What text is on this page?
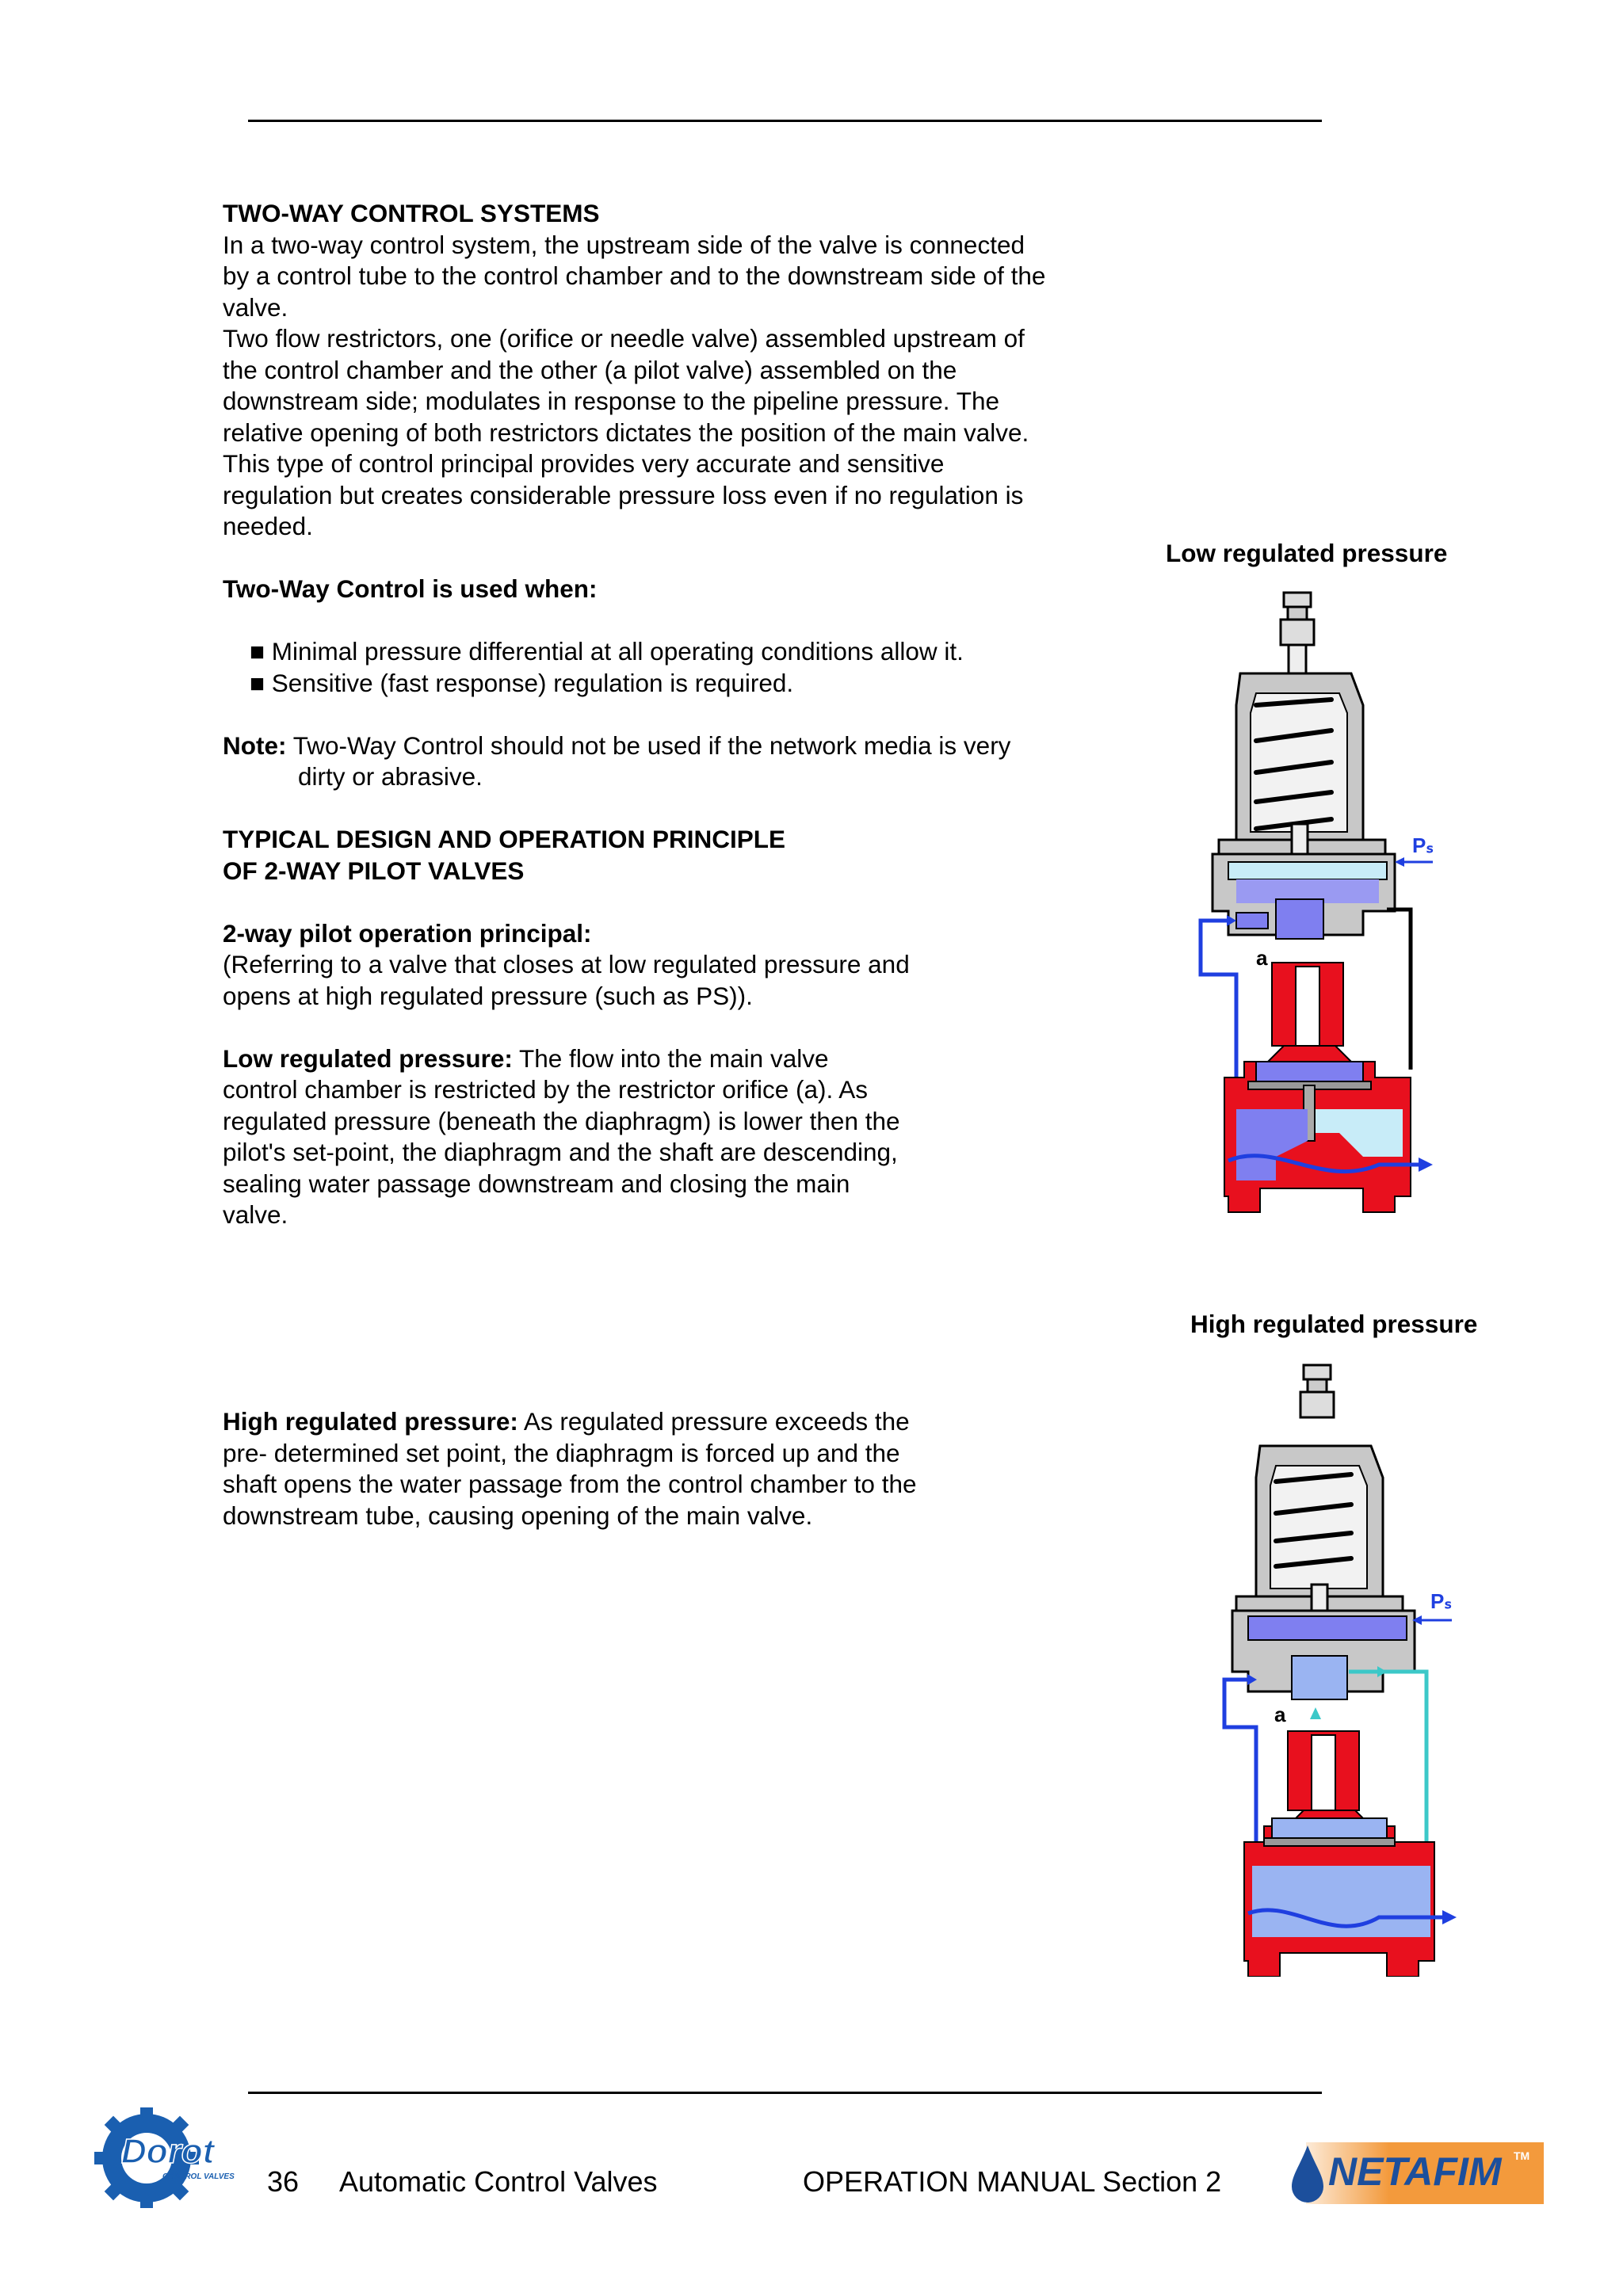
TWO-WAY CONTROL SYSTEMS

In a two-way control system, the upstream side of the valve is connected by a control tube to the control chamber and to the downstream side of the valve.

Two flow restrictors, one (orifice or needle valve) assembled upstream of the control chamber and the other (a pilot valve) assembled on the downstream side; modulates in response to the pipeline pressure. The relative opening of both restrictors dictates the position of the main valve. This type of control principal provides very accurate and sensitive regulation but creates considerable pressure loss even if no regulation is needed.

Two-Way Control is used when:

■ Minimal pressure differential at all operating conditions allow it.

■ Sensitive (fast response) regulation is required.

Note: Two-Way Control should not be used if the network media is very dirty or abrasive.

TYPICAL DESIGN AND OPERATION PRINCIPLE
OF 2-WAY PILOT VALVES

2-way pilot operation principal:

(Referring to a valve that closes at low regulated pressure and opens at high regulated pressure (such as PS)).

Low regulated pressure: The flow into the main valve control chamber is restricted by the restrictor orifice (a). As regulated pressure (beneath the diaphragm) is lower then the pilot's set-point, the diaphragm and the shaft are descending, sealing water passage downstream and closing the main valve.

High regulated pressure: As regulated pressure exceeds the pre- determined set point, the diaphragm is forced up and the shaft opens the water passage from the control chamber to the downstream tube, causing opening of the main valve.

Low regulated pressure
Pₛ
a
High regulated pressure
Pₛ
a
Dorot
CONTROL VALVES 36 Automatic Control Valves	OPERATION MANUAL Section 2	NETAFIM TM
